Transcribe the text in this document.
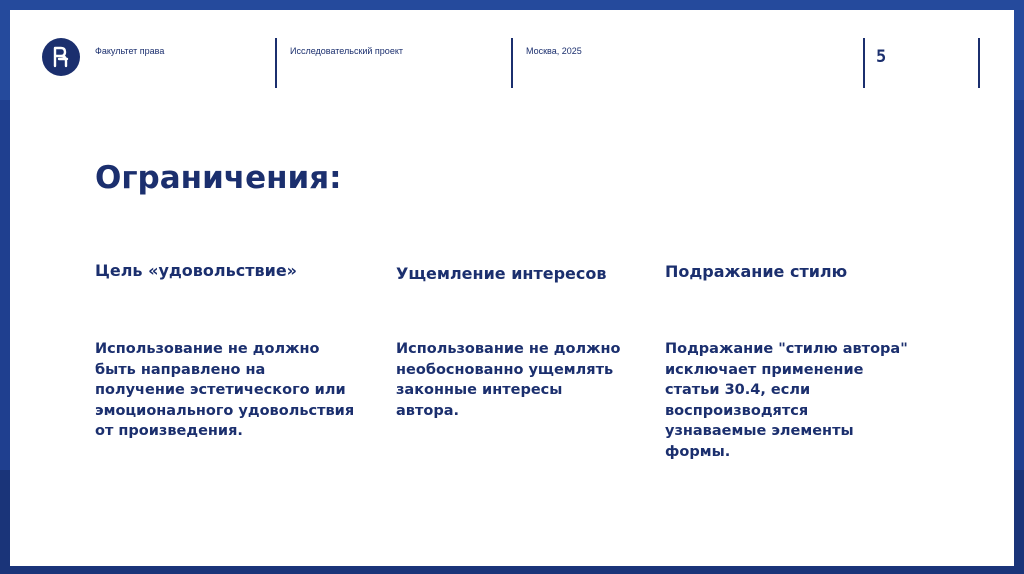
Факультет права	Исследовательский проект	Москва, 2025	5
Ограничения:
Цель «удовольствие»	Ущемление интересов	Подражание стилю
Использование не должно быть направлено на получение эстетического или эмоционального удовольствия от произведения.
Использование не должно необоснованно ущемлять законные интересы автора.
Подражание "стилю автора" исключает применение статьи 30.4, если воспроизводятся узнаваемые элементы формы.
